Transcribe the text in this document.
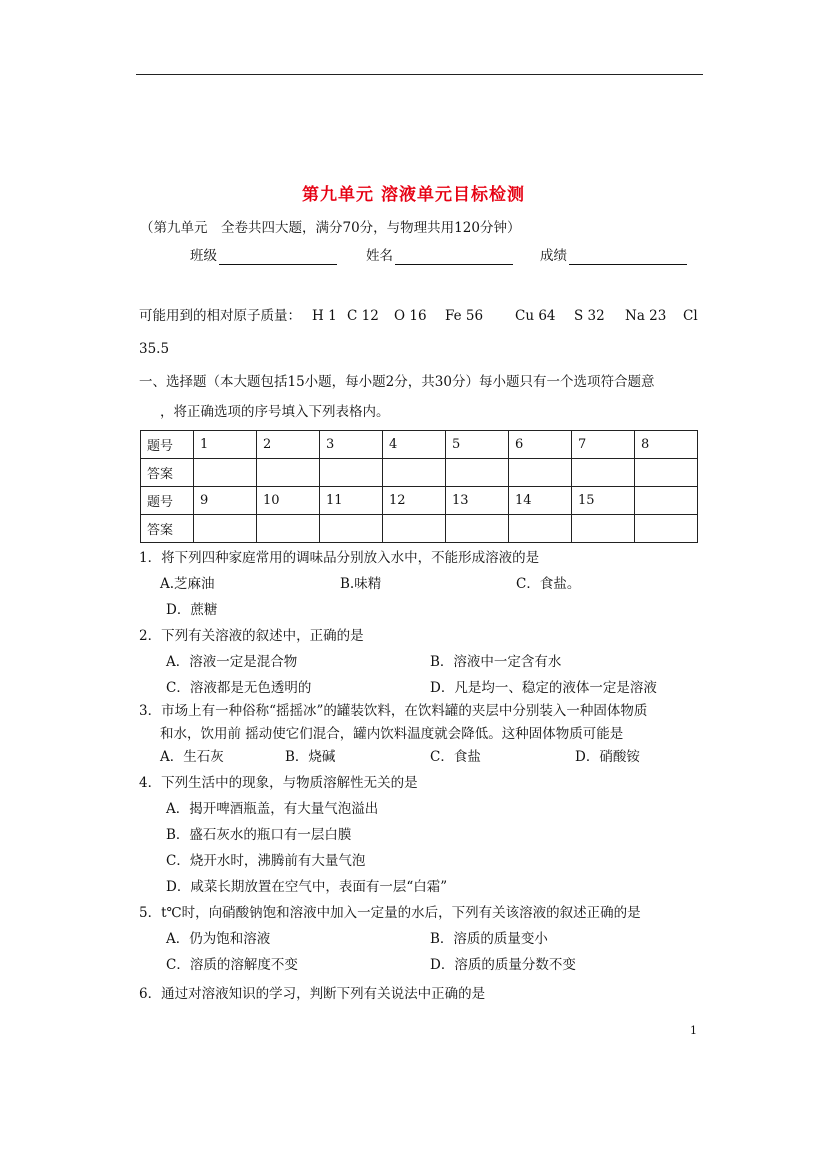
第九单元 溶液单元目标检测
（第九单元　全卷共四大题，满分70分，与物理共用120分钟）
班级	姓名	成绩
可能用到的相对原子质量： H 1 C 12 O 16 Fe 56 Cu 64 S 32 Na 23 Cl
35.5
一、选择题（本大题包括15小题，每小题2分，共30分）每小题只有一个选项符合题意
，将正确选项的序号填入下列表格内。
题号	1	2	3	4	5	6	7	8
答案								
题号	9	10	11	12	13	14	15	
答案								
1．将下列四种家庭常用的调味品分别放入水中，不能形成溶液的是
A.芝麻油	B.味精	C．食盐。
D．蔗糖
2．下列有关溶液的叙述中，正确的是
A．溶液一定是混合物	B．溶液中一定含有水
C．溶液都是无色透明的	D．凡是均一、稳定的液体一定是溶液
3．市场上有一种俗称“摇摇冰”的罐装饮料，在饮料罐的夹层中分别装入一种固体物质
和水，饮用前 摇动使它们混合，罐内饮料温度就会降低。这种固体物质可能是
A．生石灰	B．烧碱	C．食盐	D．硝酸铵
4．下列生活中的现象，与物质溶解性无关的是
A．揭开啤酒瓶盖，有大量气泡溢出
B．盛石灰水的瓶口有一层白膜
C．烧开水时，沸腾前有大量气泡
D．咸菜长期放置在空气中，表面有一层“白霜”
5．t℃时，向硝酸钠饱和溶液中加入一定量的水后，下列有关该溶液的叙述正确的是
A．仍为饱和溶液	B．溶质的质量变小
C．溶质的溶解度不变	D．溶质的质量分数不变
6．通过对溶液知识的学习，判断下列有关说法中正确的是
1
